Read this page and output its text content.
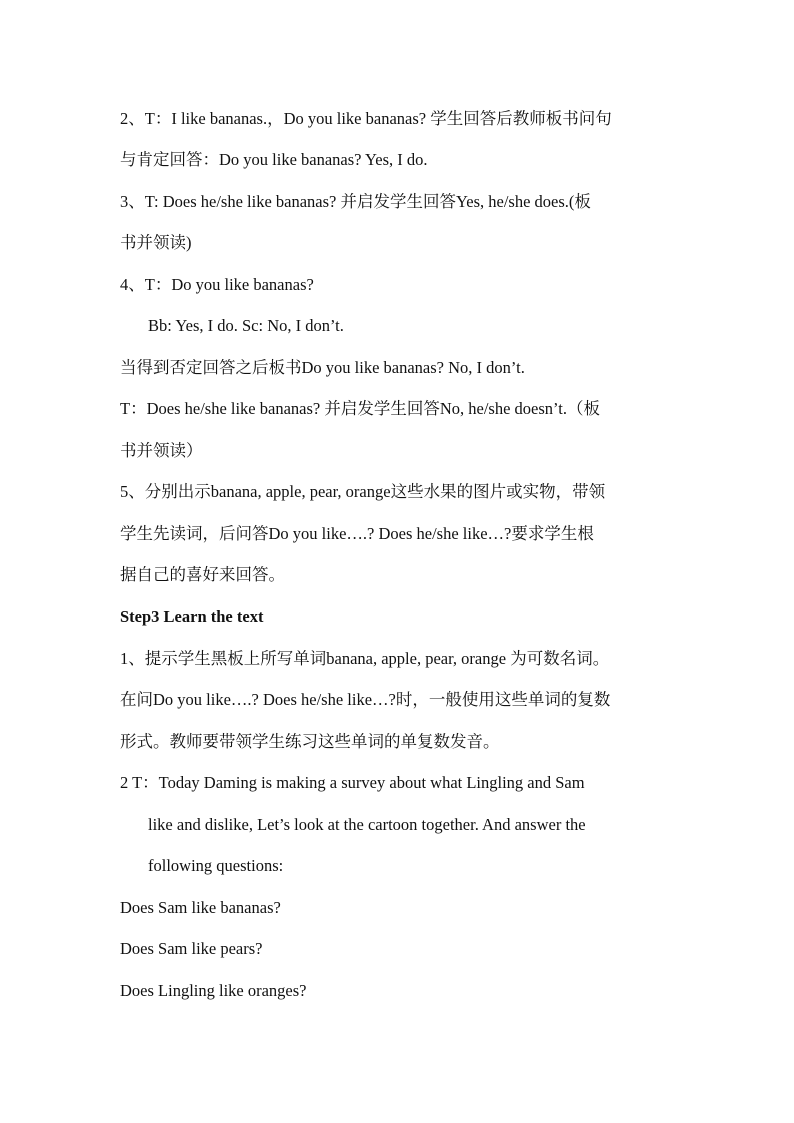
2、T：I like bananas.，Do you like bananas? 学生回答后教师板书问句
与肯定回答：Do you like bananas? Yes, I do.
3、T: Does he/she like bananas? 并启发学生回答Yes, he/she does.(板
书并领读)
4、T：Do you like bananas?
Bb: Yes, I do. Sc: No, I don’t.
当得到否定回答之后板书Do you like bananas? No, I don’t.
T：Does he/she like bananas? 并启发学生回答No, he/she doesn’t.（板
书并领读）
5、分别出示banana, apple, pear, orange这些水果的图片或实物，带领
学生先读词，后问答Do you like….? Does he/she like…?要求学生根
据自己的喜好来回答。
Step3 Learn the text
1、提示学生黑板上所写单词banana, apple, pear, orange 为可数名词。
在问Do you like….? Does he/she like…?时，一般使用这些单词的复数
形式。教师要带领学生练习这些单词的单复数发音。
2 T：Today Daming is making a survey about what Lingling and Sam
like and dislike, Let’s look at the cartoon together. And answer the
following questions:
Does Sam like bananas?
Does Sam like pears?
Does Lingling like oranges?
